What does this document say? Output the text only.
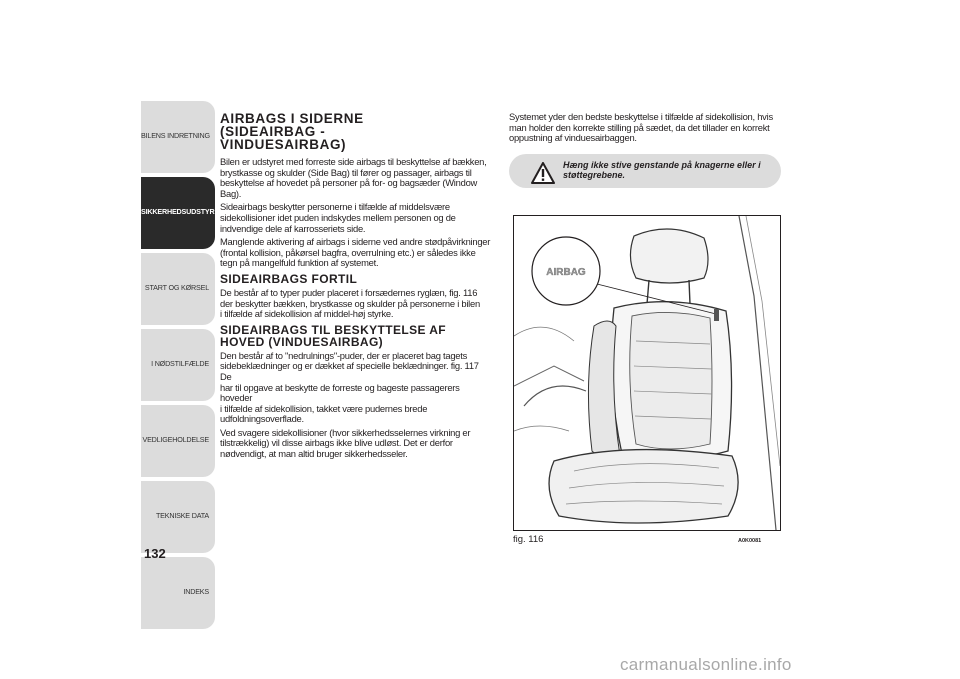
BILENS INDRETNING
SIKKERHEDSUDSTYR
START OG KØRSEL
I NØDSTILFÆLDE
VEDLIGEHOLDELSE
TEKNISKE DATA
INDEKS
132
AIRBAGS I SIDERNE
(SIDEAIRBAG -
VINDUESAIRBAG)

Bilen er udstyret med forreste side airbags til beskyttelse af bækken,
brystkasse og skulder (Side Bag) til fører og passager, airbags til
beskyttelse af hovedet på personer på for- og bagsæder (Window
Bag).

Sideairbags beskytter personerne i tilfælde af middelsvære
sidekollisioner idet puden indskydes mellem personen og de
indvendige dele af karrosseriets side.

Manglende aktivering af airbags i siderne ved andre stødpåvirkninger
(frontal kollision, påkørsel bagfra, overrulning etc.) er således ikke
tegn på mangelfuld funktion af systemet.

SIDEAIRBAGS FORTIL

De består af to typer puder placeret i forsædernes ryglæn, fig. 116
der beskytter bækken, brystkasse og skulder på personerne i bilen
i tilfælde af sidekollision af middel-høj styrke.

SIDEAIRBAGS TIL BESKYTTELSE AF
HOVED (VINDUESAIRBAG)

Den består af to "nedrulnings"-puder, der er placeret bag tagets
sidebeklædninger og er dækket af specielle beklædninger. fig. 117 De
har til opgave at beskytte de forreste og bageste passagerers hoveder
i tilfælde af sidekollision, takket være pudernes brede
udfoldningsoverflade.

Ved svagere sidekollisioner (hvor sikkerhedsselernes virkning er
tilstrækkelig) vil disse airbags ikke blive udløst. Det er derfor
nødvendigt, at man altid bruger sikkerhedsseler.

Systemet yder den bedste beskyttelse i tilfælde af sidekollision, hvis
man holder den korrekte stilling på sædet, da det tillader en korrekt
oppustning af vinduesairbaggen.

Hæng ikke stive genstande på knagerne eller i
støttegrebene.
AIRBAG
fig. 116	A0K0081
carmanualsonline.info
